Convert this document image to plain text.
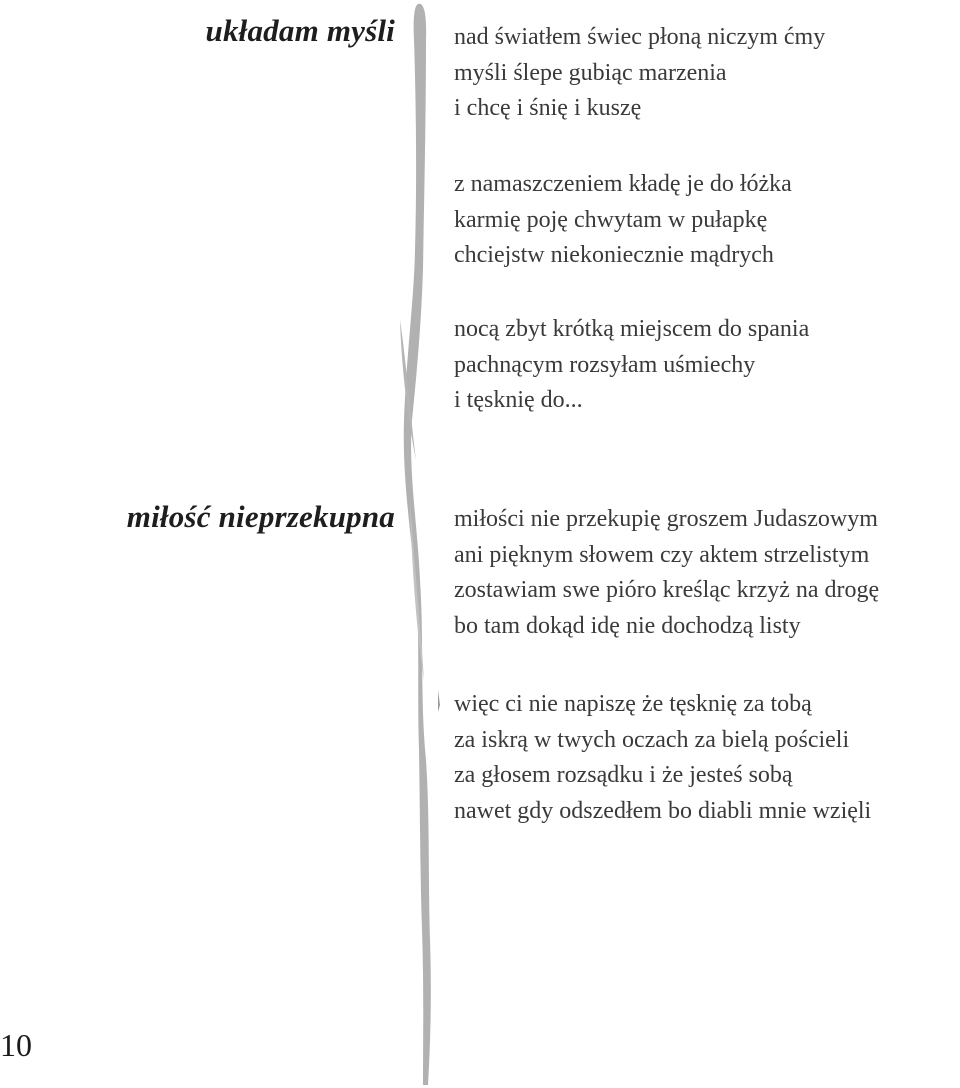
układam myśli nad światłem świec płoną niczym ćmy
myśli ślepe gubiąc marzenia
i chcę i śnię i kuszę

z namaszczeniem kładę je do łóżka
karmię poję chwytam w pułapkę
chciejstw niekoniecznie mądrych

nocą zbyt krótką miejscem do spania
pachnącym rozsyłam uśmiechy
i tęsknię do...

miłość nieprzekupna miłości nie przekupię groszem Judaszowym
ani pięknym słowem czy aktem strzelistym
zostawiam swe pióro kreśląc krzyż na drogę
bo tam dokąd idę nie dochodzą listy

więc ci nie napiszę że tęsknię za tobą
za iskrą w twych oczach za bielą pościeli
za głosem rozsądku i że jesteś sobą
nawet gdy odszedłem bo diabli mnie wzięli

10
